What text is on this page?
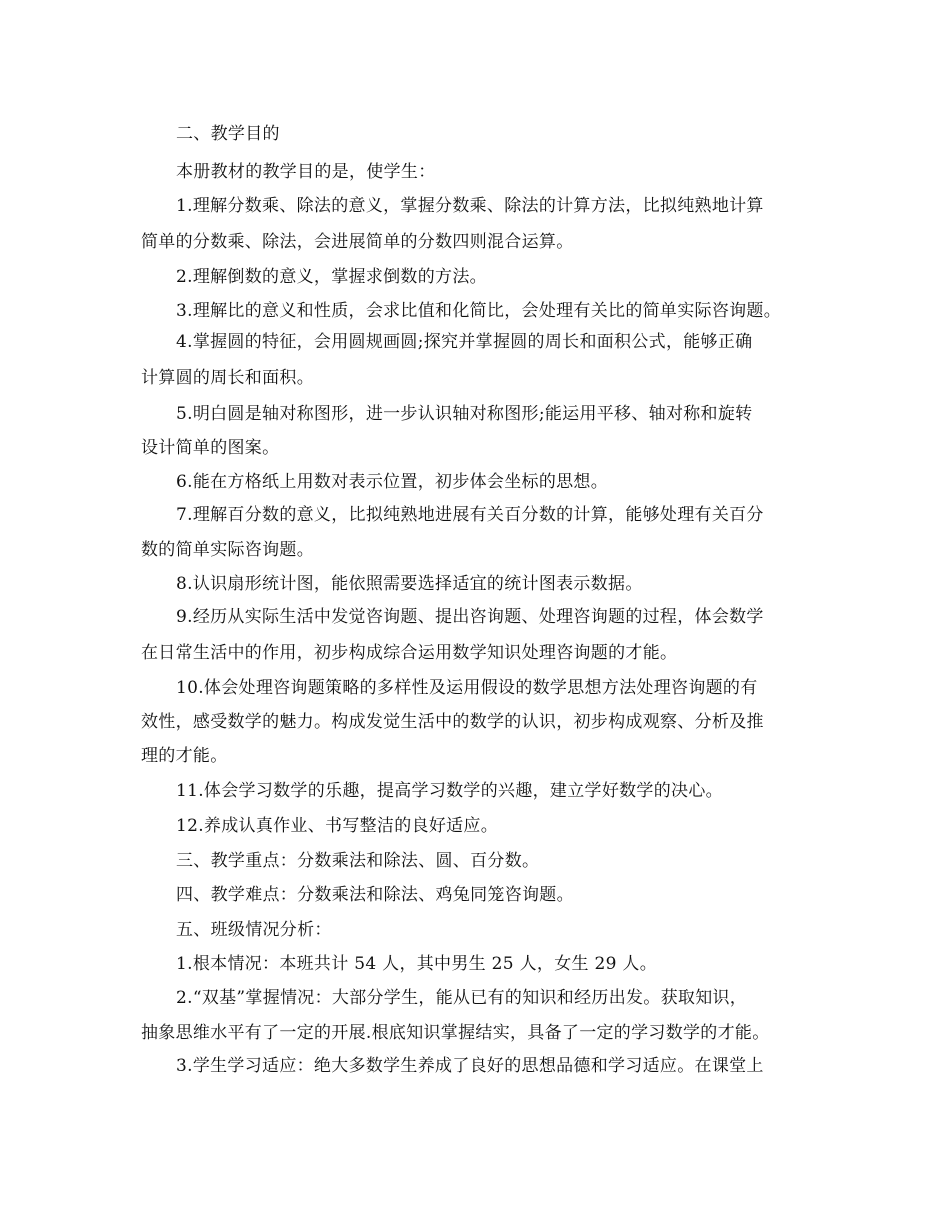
二、教学目的
本册教材的教学目的是，使学生：
1.理解分数乘、除法的意义，掌握分数乘、除法的计算方法，比拟纯熟地计算
简单的分数乘、除法，会进展简单的分数四则混合运算。
2.理解倒数的意义，掌握求倒数的方法。
3.理解比的意义和性质，会求比值和化简比，会处理有关比的简单实际咨询题。
4.掌握圆的特征，会用圆规画圆;探究并掌握圆的周长和面积公式，能够正确
计算圆的周长和面积。
5.明白圆是轴对称图形，进一步认识轴对称图形;能运用平移、轴对称和旋转
设计简单的图案。
6.能在方格纸上用数对表示位置，初步体会坐标的思想。
7.理解百分数的意义，比拟纯熟地进展有关百分数的计算，能够处理有关百分
数的简单实际咨询题。
8.认识扇形统计图，能依照需要选择适宜的统计图表示数据。
9.经历从实际生活中发觉咨询题、提出咨询题、处理咨询题的过程，体会数学
在日常生活中的作用，初步构成综合运用数学知识处理咨询题的才能。
10.体会处理咨询题策略的多样性及运用假设的数学思想方法处理咨询题的有
效性，感受数学的魅力。构成发觉生活中的数学的认识，初步构成观察、分析及推
理的才能。
11.体会学习数学的乐趣，提高学习数学的兴趣，建立学好数学的决心。
12.养成认真作业、书写整洁的良好适应。
三、教学重点：分数乘法和除法、圆、百分数。
四、教学难点：分数乘法和除法、鸡兔同笼咨询题。
五、班级情况分析：
1.根本情况：本班共计 54 人，其中男生 25 人，女生 29 人。
2.“双基”掌握情况：大部分学生，能从已有的知识和经历出发。获取知识，
抽象思维水平有了一定的开展.根底知识掌握结实，具备了一定的学习数学的才能。
3.学生学习适应：绝大多数学生养成了良好的思想品德和学习适应。在课堂上
